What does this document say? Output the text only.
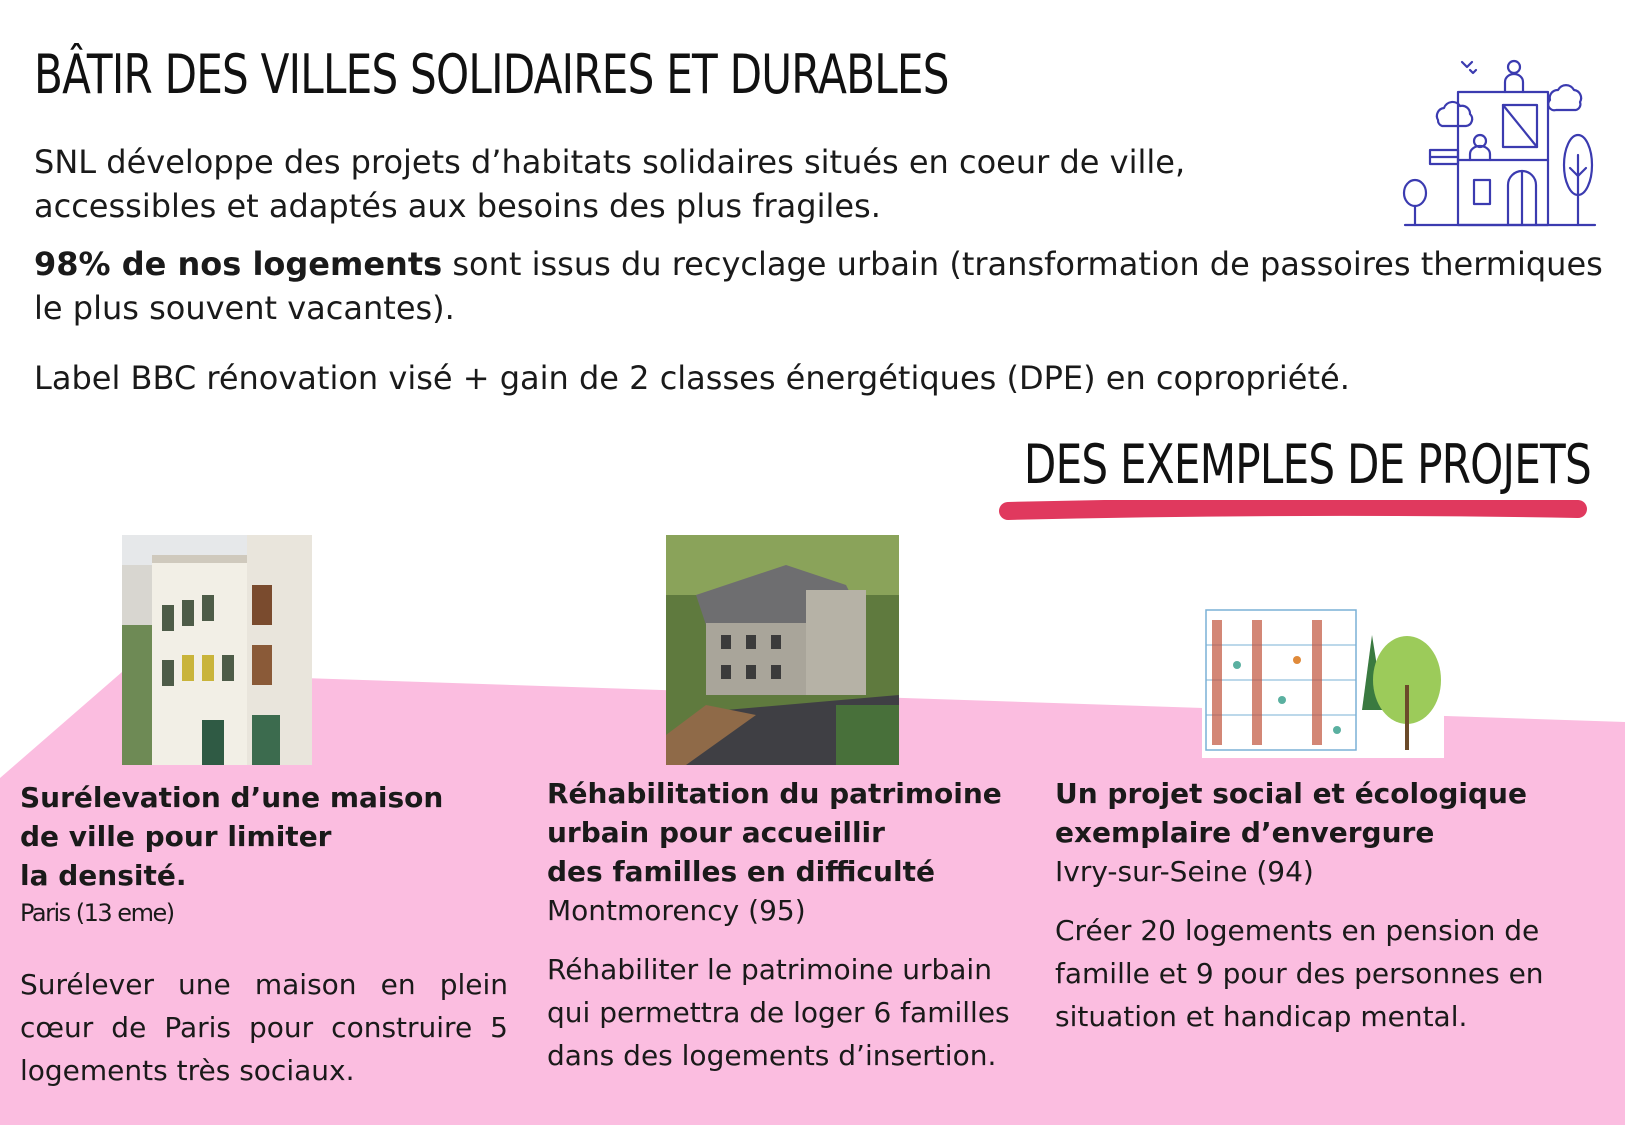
BÂTIR DES VILLES SOLIDAIRES ET DURABLES

SNL développe des projets d’habitats solidaires situés en coeur de ville, accessibles et adaptés aux besoins des plus fragiles.

98% de nos logements sont issus du recyclage urbain (transformation de passoires thermiques le plus souvent vacantes).

Label BBC rénovation visé + gain de 2 classes énergétiques (DPE) en copropriété.

DES EXEMPLES DE PROJETS

Surélevation d’une maison

de ville pour limiter

la densité.

Paris (13 eme)

Surélever une maison en plein cœur de Paris pour construire 5 logements très sociaux.

Réhabilitation du patrimoine

urbain pour accueillir

des familles en difficulté

Montmorency (95)

Réhabiliter le patrimoine urbain qui permettra de loger 6 familles dans des logements d’insertion.

Un projet social et écologique

exemplaire d’envergure

Ivry-sur-Seine (94)

Créer 20 logements en pension de famille et 9 pour des personnes en situation et handicap mental.
